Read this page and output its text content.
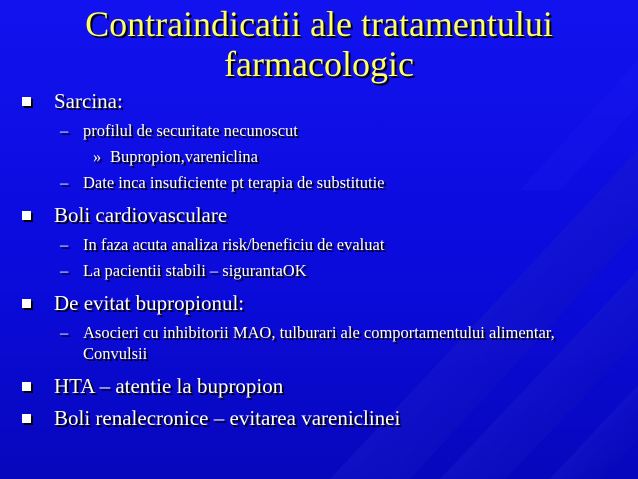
Contraindicatii ale tratamentului
farmacologic
Sarcina:
– profilul de securitate necunoscut
» Bupropion,vareniclina
– Date inca insuficiente pt terapia de substitutie
Boli cardiovasculare
– In faza acuta analiza risk/beneficiu de evaluat
– La pacientii stabili – sigurantaOK
De evitat bupropionul:
– Asocieri cu inhibitorii MAO, tulburari ale comportamentului alimentar, Convulsii
HTA – atentie la bupropion
Boli renalecronice – evitarea vareniclinei
